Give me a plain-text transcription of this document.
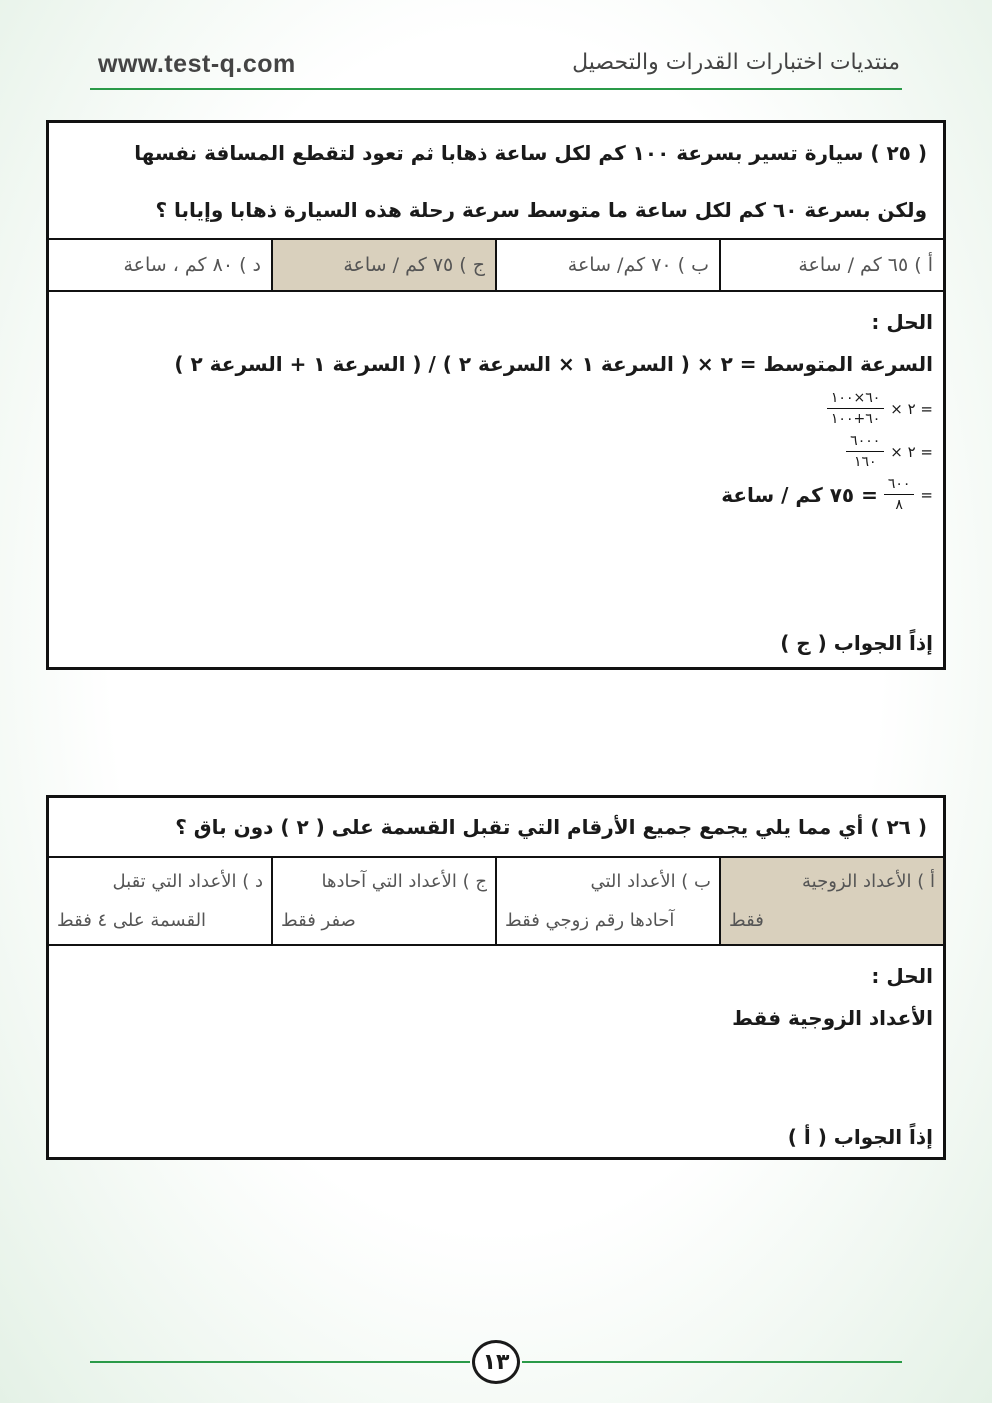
www.test-q.com	منتديات اختبارات القدرات والتحصيل
( ٢٥ ) سيارة تسير بسرعة ١٠٠ كم لكل ساعة ذهابا ثم تعود لتقطع المسافة نفسها
ولكن بسرعة ٦٠ كم لكل ساعة ما متوسط سرعة رحلة هذه السيارة ذهابا وإيابا ؟
أ ) ٦٥ كم / ساعة
ب ) ٧٠ كم/ ساعة
ج ) ٧٥ كم / ساعة
د ) ٨٠ كم ، ساعة
الحل :
السرعة المتوسط = ٢ × ( السرعة ١ × السرعة ٢ ) / ( السرعة ١ + السرعة ٢ )
= ٢ ×
$\frac{٦٠\times ١٠٠}{٦٠+١٠٠}$
= ٢ ×
$\frac{٦٠٠٠}{١٦٠}$
=
$\frac{٦٠٠}{٨}$
= ٧٥ كم / ساعة
إذاً الجواب ( ج )
( ٢٦ ) أي مما يلي يجمع جميع الأرقام التي تقبل القسمة على ( ٢ ) دون باق ؟
أ ) الأعداد الزوجية
فقط
ب ) الأعداد التي
آحادها رقم زوجي فقط
ج ) الأعداد التي آحادها
صفر فقط
د ) الأعداد التي تقبل
القسمة على ٤ فقط
الحل :
الأعداد الزوجية فقط
إذاً الجواب ( أ )
١٣
